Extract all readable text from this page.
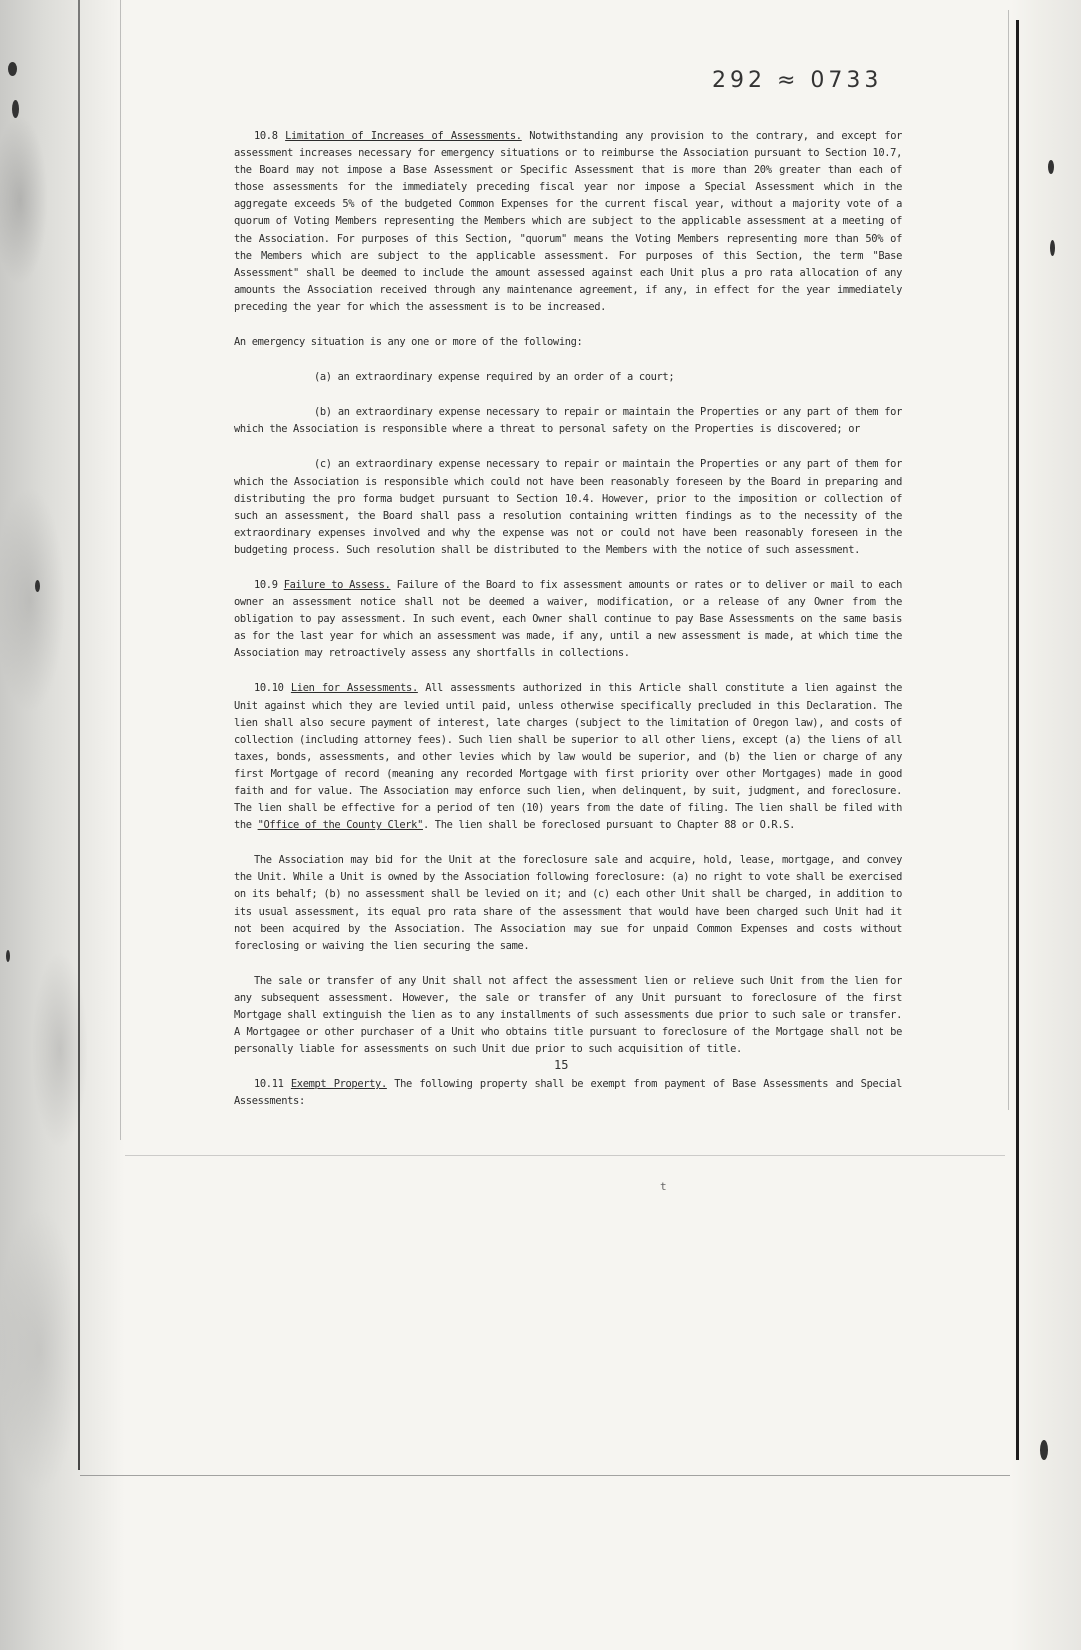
292 ≈ 0733

10.8 Limitation of Increases of Assessments. Notwithstanding any provision to the contrary, and except for assessment increases necessary for emergency situations or to reimburse the Association pursuant to Section 10.7, the Board may not impose a Base Assessment or Specific Assessment that is more than 20% greater than each of those assessments for the immediately preceding fiscal year nor impose a Special Assessment which in the aggregate exceeds 5% of the budgeted Common Expenses for the current fiscal year, without a majority vote of a quorum of Voting Members representing the Members which are subject to the applicable assessment at a meeting of the Association. For purposes of this Section, "quorum" means the Voting Members representing more than 50% of the Members which are subject to the applicable assessment. For purposes of this Section, the term "Base Assessment" shall be deemed to include the amount assessed against each Unit plus a pro rata allocation of any amounts the Association received through any maintenance agreement, if any, in effect for the year immediately preceding the year for which the assessment is to be increased.

An emergency situation is any one or more of the following:

(a) an extraordinary expense required by an order of a court;

(b) an extraordinary expense necessary to repair or maintain the Properties or any part of them for which the Association is responsible where a threat to personal safety on the Properties is discovered; or

(c) an extraordinary expense necessary to repair or maintain the Properties or any part of them for which the Association is responsible which could not have been reasonably foreseen by the Board in preparing and distributing the pro forma budget pursuant to Section 10.4. However, prior to the imposition or collection of such an assessment, the Board shall pass a resolution containing written findings as to the necessity of the extraordinary expenses involved and why the expense was not or could not have been reasonably foreseen in the budgeting process. Such resolution shall be distributed to the Members with the notice of such assessment.

10.9 Failure to Assess. Failure of the Board to fix assessment amounts or rates or to deliver or mail to each owner an assessment notice shall not be deemed a waiver, modification, or a release of any Owner from the obligation to pay assessment. In such event, each Owner shall continue to pay Base Assessments on the same basis as for the last year for which an assessment was made, if any, until a new assessment is made, at which time the Association may retroactively assess any shortfalls in collections.

10.10 Lien for Assessments. All assessments authorized in this Article shall constitute a lien against the Unit against which they are levied until paid, unless otherwise specifically precluded in this Declaration. The lien shall also secure payment of interest, late charges (subject to the limitation of Oregon law), and costs of collection (including attorney fees). Such lien shall be superior to all other liens, except (a) the liens of all taxes, bonds, assessments, and other levies which by law would be superior, and (b) the lien or charge of any first Mortgage of record (meaning any recorded Mortgage with first priority over other Mortgages) made in good faith and for value. The Association may enforce such lien, when delinquent, by suit, judgment, and foreclosure. The lien shall be effective for a period of ten (10) years from the date of filing. The lien shall be filed with the "Office of the County Clerk". The lien shall be foreclosed pursuant to Chapter 88 or O.R.S.

The Association may bid for the Unit at the foreclosure sale and acquire, hold, lease, mortgage, and convey the Unit. While a Unit is owned by the Association following foreclosure: (a) no right to vote shall be exercised on its behalf; (b) no assessment shall be levied on it; and (c) each other Unit shall be charged, in addition to its usual assessment, its equal pro rata share of the assessment that would have been charged such Unit had it not been acquired by the Association. The Association may sue for unpaid Common Expenses and costs without foreclosing or waiving the lien securing the same.

The sale or transfer of any Unit shall not affect the assessment lien or relieve such Unit from the lien for any subsequent assessment. However, the sale or transfer of any Unit pursuant to foreclosure of the first Mortgage shall extinguish the lien as to any installments of such assessments due prior to such sale or transfer. A Mortgagee or other purchaser of a Unit who obtains title pursuant to foreclosure of the Mortgage shall not be personally liable for assessments on such Unit due prior to such acquisition of title.

10.11 Exempt Property. The following property shall be exempt from payment of Base Assessments and Special Assessments:

15
t
